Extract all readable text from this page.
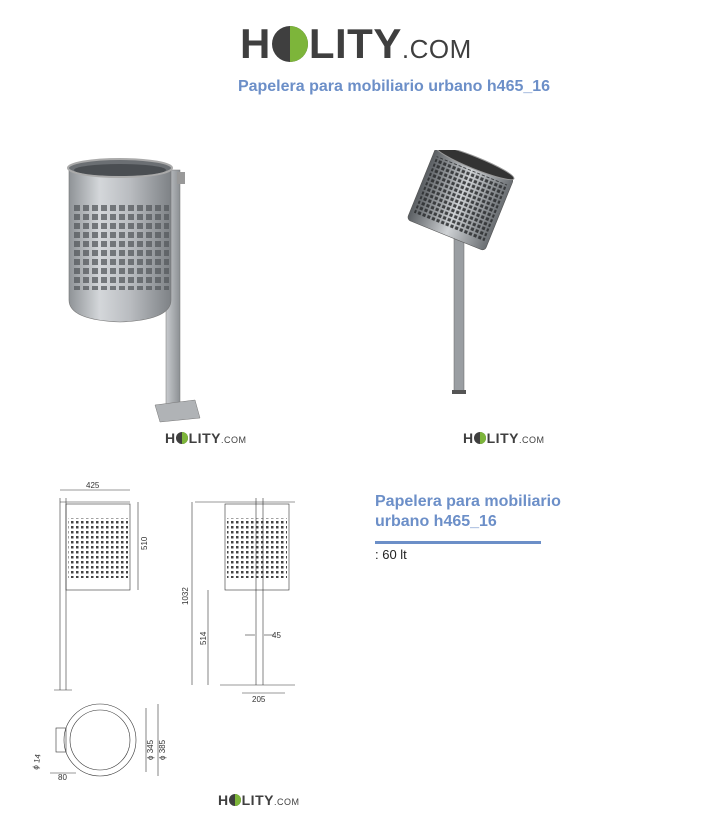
H LITY .COM
Papelera para mobiliario urbano h465_16
H LITY .COM	H LITY .COM
425
510
1032
514	45
205
ϕ 345 ϕ 385
ϕ 14
80
Papelera para mobiliario urbano h465_16
: 60 lt
H LITY .COM
